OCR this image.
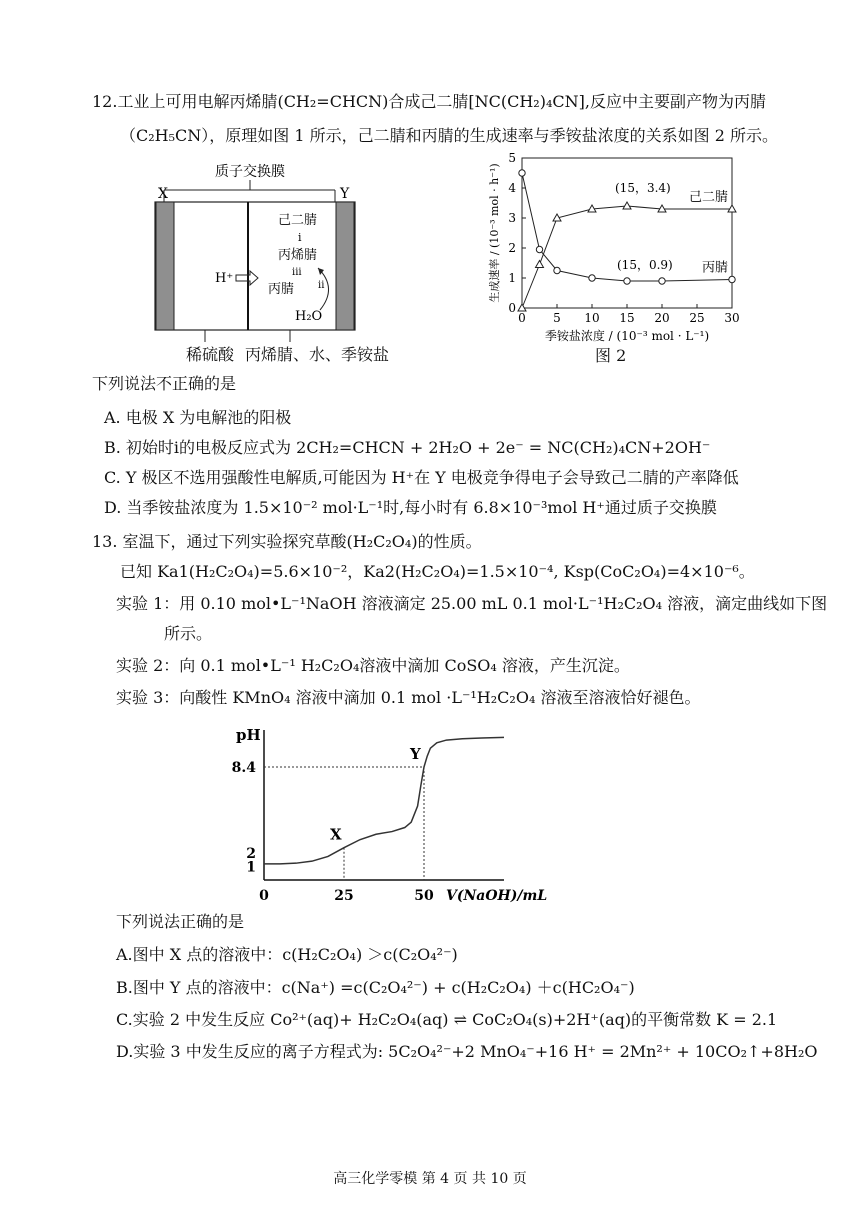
12.工业上可用电解丙烯腈(CH₂=CHCN)合成己二腈[NC(CH₂)₄CN],反应中主要副产物为丙腈
（C₂H₅CN），原理如图 1 所示，己二腈和丙腈的生成速率与季铵盐浓度的关系如图 2 所示。
质子交换膜
X	Y
己二腈
i
丙烯腈
iii
丙腈 ii
H₂O
H⁺
稀硫酸 丙烯腈、水、季铵盐
0 5 10 15 20 25 30
0
1
2
3
4
5
生成速率 / (10⁻³ mol · h⁻¹)
季铵盐浓度 / (10⁻³ mol · L⁻¹)
己二腈
丙腈
(15，3.4)
(15，0.9)
图 2
下列说法不正确的是
A. 电极 X 为电解池的阳极
B. 初始时i的电极反应式为 2CH₂=CHCN + 2H₂O + 2e⁻ = NC(CH₂)₄CN+2OH⁻
C. Y 极区不选用强酸性电解质,可能因为 H⁺在 Y 电极竞争得电子会导致己二腈的产率降低
D. 当季铵盐浓度为 1.5×10⁻² mol·L⁻¹时,每小时有 6.8×10⁻³mol H⁺通过质子交换膜
13. 室温下，通过下列实验探究草酸(H₂C₂O₄)的性质。
已知 Ka1(H₂C₂O₄)=5.6×10⁻²，Ka2(H₂C₂O₄)=1.5×10⁻⁴, Ksp(CoC₂O₄)=4×10⁻⁶。
实验 1：用 0.10 mol•L⁻¹NaOH 溶液滴定 25.00 mL 0.1 mol·L⁻¹H₂C₂O₄ 溶液，滴定曲线如下图
所示。
实验 2：向 0.1 mol•L⁻¹ H₂C₂O₄溶液中滴加 CoSO₄ 溶液，产生沉淀。
实验 3：向酸性 KMnO₄ 溶液中滴加 0.1 mol ·L⁻¹H₂C₂O₄ 溶液至溶液恰好褪色。
pH
V(NaOH)/mL
0	25	50
1
2
8.4
X
Y
下列说法正确的是
A.图中 X 点的溶液中：c(H₂C₂O₄) ＞c(C₂O₄²⁻)
B.图中 Y 点的溶液中：c(Na⁺) =c(C₂O₄²⁻) + c(H₂C₂O₄) ＋c(HC₂O₄⁻)
C.实验 2 中发生反应 Co²⁺(aq)+ H₂C₂O₄(aq) ⇌ CoC₂O₄(s)+2H⁺(aq)的平衡常数 K = 2.1
D.实验 3 中发生反应的离子方程式为: 5C₂O₄²⁻+2 MnO₄⁻+16 H⁺ = 2Mn²⁺ + 10CO₂↑+8H₂O
高三化学零模 第 4 页 共 10 页
